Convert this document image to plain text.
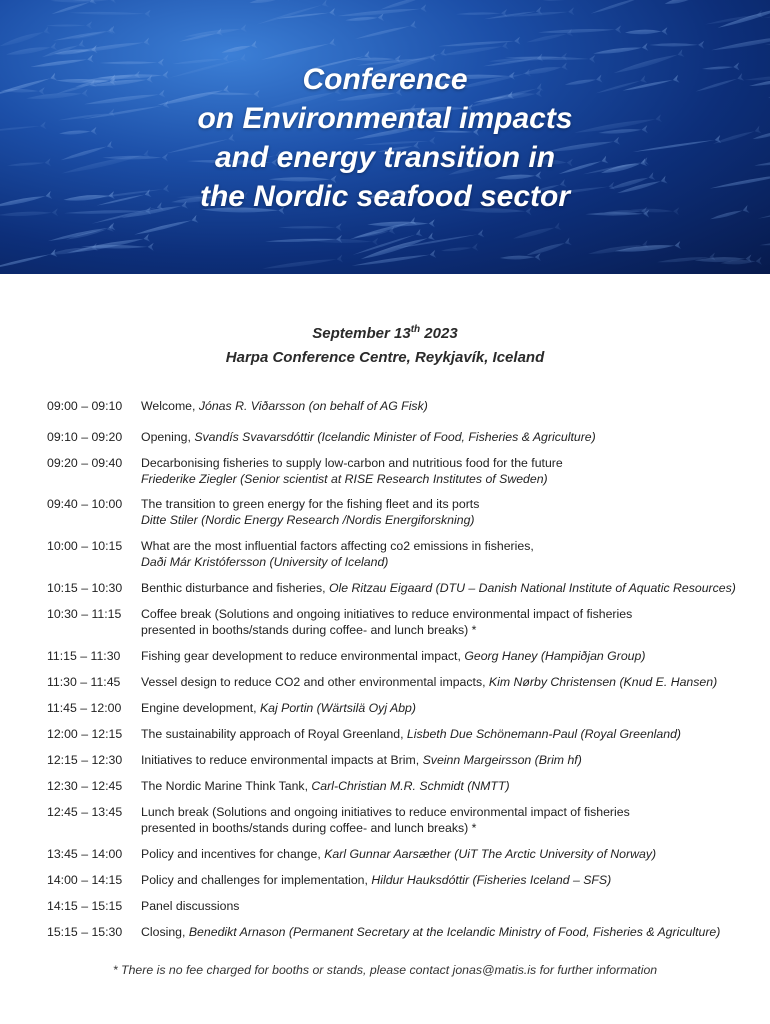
Conference
on Environmental impacts
and energy transition in
the Nordic seafood sector
September 13th 2023
Harpa Conference Centre, Reykjavík, Iceland
09:00 – 09:10	Welcome, Jónas R. Viðarsson (on behalf of AG Fisk)
09:10 – 09:20	Opening, Svandís Svavarsdóttir (Icelandic Minister of Food, Fisheries & Agriculture)
09:20 – 09:40	Decarbonising fisheries to supply low-carbon and nutritious food for the future
Friederike Ziegler (Senior scientist at RISE Research Institutes of Sweden)
09:40 – 10:00	The transition to green energy for the fishing fleet and its ports
Ditte Stiler (Nordic Energy Research /Nordis Energiforskning)
10:00 – 10:15	What are the most influential factors affecting co2 emissions in fisheries,
Daði Már Kristófersson (University of Iceland)
10:15 – 10:30	Benthic disturbance and fisheries, Ole Ritzau Eigaard (DTU – Danish National Institute of Aquatic Resources)
10:30 – 11:15	Coffee break (Solutions and ongoing initiatives to reduce environmental impact of fisheries
presented in booths/stands during coffee- and lunch breaks) *
11:15 – 11:30	Fishing gear development to reduce environmental impact, Georg Haney (Hampiðjan Group)
11:30 – 11:45	Vessel design to reduce CO2 and other environmental impacts, Kim Nørby Christensen (Knud E. Hansen)
11:45 – 12:00	Engine development, Kaj Portin (Wärtsilä Oyj Abp)
12:00 – 12:15	The sustainability approach of Royal Greenland, Lisbeth Due Schönemann-Paul (Royal Greenland)
12:15 – 12:30	Initiatives to reduce environmental impacts at Brim, Sveinn Margeirsson (Brim hf)
12:30 – 12:45	The Nordic Marine Think Tank, Carl-Christian M.R. Schmidt (NMTT)
12:45 – 13:45	Lunch break (Solutions and ongoing initiatives to reduce environmental impact of fisheries
presented in booths/stands during coffee- and lunch breaks) *
13:45 – 14:00	Policy and incentives for change, Karl Gunnar Aarsæther (UiT The Arctic University of Norway)
14:00 – 14:15	Policy and challenges for implementation, Hildur Hauksdóttir (Fisheries Iceland – SFS)
14:15 – 15:15	Panel discussions
15:15 – 15:30	Closing, Benedikt Arnason (Permanent Secretary at the Icelandic Ministry of Food, Fisheries & Agriculture)
* There is no fee charged for booths or stands, please contact jonas@matis.is for further information
